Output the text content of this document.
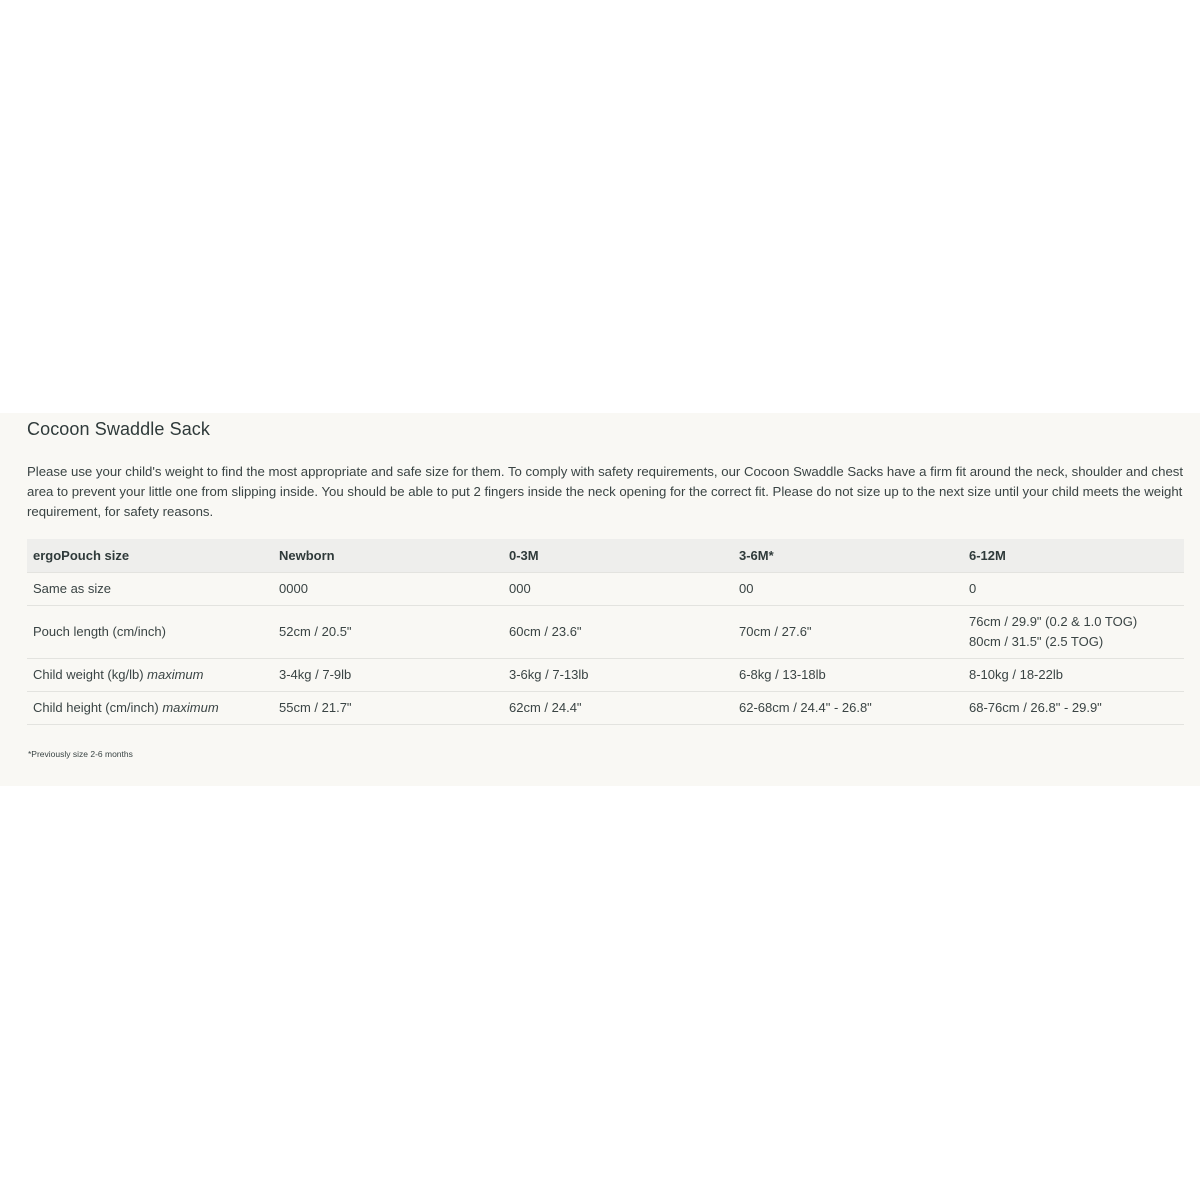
Cocoon Swaddle Sack

Please use your child's weight to find the most appropriate and safe size for them. To comply with safety requirements, our Cocoon Swaddle Sacks have a firm fit around the neck, shoulder and chest area to prevent your little one from slipping inside. You should be able to put 2 fingers inside the neck opening for the correct fit. Please do not size up to the next size until your child meets the weight requirement, for safety reasons.

ergoPouch size	Newborn	0-3M	3-6M*	6-12M
Same as size	0000	000	00	0
Pouch length (cm/inch)	52cm / 20.5"	60cm / 23.6"	70cm / 27.6"	76cm / 29.9" (0.2 & 1.0 TOG)
80cm / 31.5" (2.5 TOG)

Child weight (kg/lb) maximum	3-4kg / 7-9lb	3-6kg / 7-13lb	6-8kg / 13-18lb	8-10kg / 18-22lb
Child height (cm/inch) maximum	55cm / 21.7"	62cm / 24.4"	62-68cm / 24.4" - 26.8"	68-76cm / 26.8" - 29.9"

*Previously size 2-6 months
